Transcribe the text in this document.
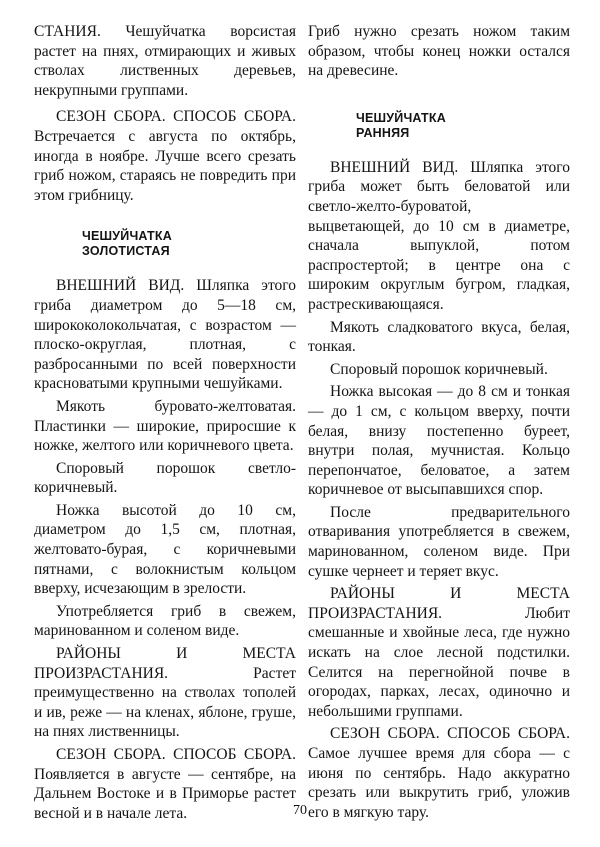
СТАНИЯ. Чешуйчатка ворсистая растет на пнях, отмирающих и живых стволах лиственных деревьев, некрупными группами.

СЕЗОН СБОРА. СПОСОБ СБОРА. Встречается с августа по октябрь, иногда в ноябре. Лучше всего срезать гриб ножом, стараясь не повредить при этом грибницу.

ЧЕШУЙЧАТКА
ЗОЛОТИСТАЯ

ВНЕШНИЙ ВИД. Шляпка этого гриба диаметром до 5—18 см, ширококолокольчатая, с возрастом — плоско-округлая, плотная, с разбросанными по всей поверхности красноватыми крупными чешуйками.

Мякоть буровато-желтоватая. Пластинки — широкие, приросшие к ножке, желтого или коричневого цвета.

Споровый порошок светло-коричневый.

Ножка высотой до 10 см, диаметром до 1,5 см, плотная, желтовато-бурая, с коричневыми пятнами, с волокнистым кольцом вверху, исчезающим в зрелости.

Употребляется гриб в свежем, маринованном и соленом виде.

РАЙОНЫ И МЕСТА ПРОИЗРАСТАНИЯ. Растет преимущественно на стволах тополей и ив, реже — на кленах, яблоне, груше, на пнях лиственницы.

СЕЗОН СБОРА. СПОСОБ СБОРА. Появляется в августе — сентябре, на Дальнем Востоке и в Приморье растет весной и в начале лета.

Гриб нужно срезать ножом таким образом, чтобы конец ножки остался на древесине.

ЧЕШУЙЧАТКА
РАННЯЯ

ВНЕШНИЙ ВИД. Шляпка этого гриба может быть беловатой или светло-желто-буроватой, выцветающей, до 10 см в диаметре, сначала выпуклой, потом распростертой; в центре она с широким округлым бугром, гладкая, растрескивающаяся.

Мякоть сладковатого вкуса, белая, тонкая.

Споровый порошок коричневый.

Ножка высокая — до 8 см и тонкая — до 1 см, с кольцом вверху, почти белая, внизу постепенно буреет, внутри полая, мучнистая. Кольцо перепончатое, беловатое, а затем коричневое от высыпавшихся спор.

После предварительного отваривания употребляется в свежем, маринованном, соленом виде. При сушке чернеет и теряет вкус.

РАЙОНЫ И МЕСТА ПРОИЗРАСТАНИЯ. Любит смешанные и хвойные леса, где нужно искать на слое лесной подстилки. Селится на перегнойной почве в огородах, парках, лесах, одиночно и небольшими группами.

СЕЗОН СБОРА. СПОСОБ СБОРА. Самое лучшее время для сбора — с июня по сентябрь. Надо аккуратно срезать или выкрутить гриб, уложив его в мягкую тару.

70
